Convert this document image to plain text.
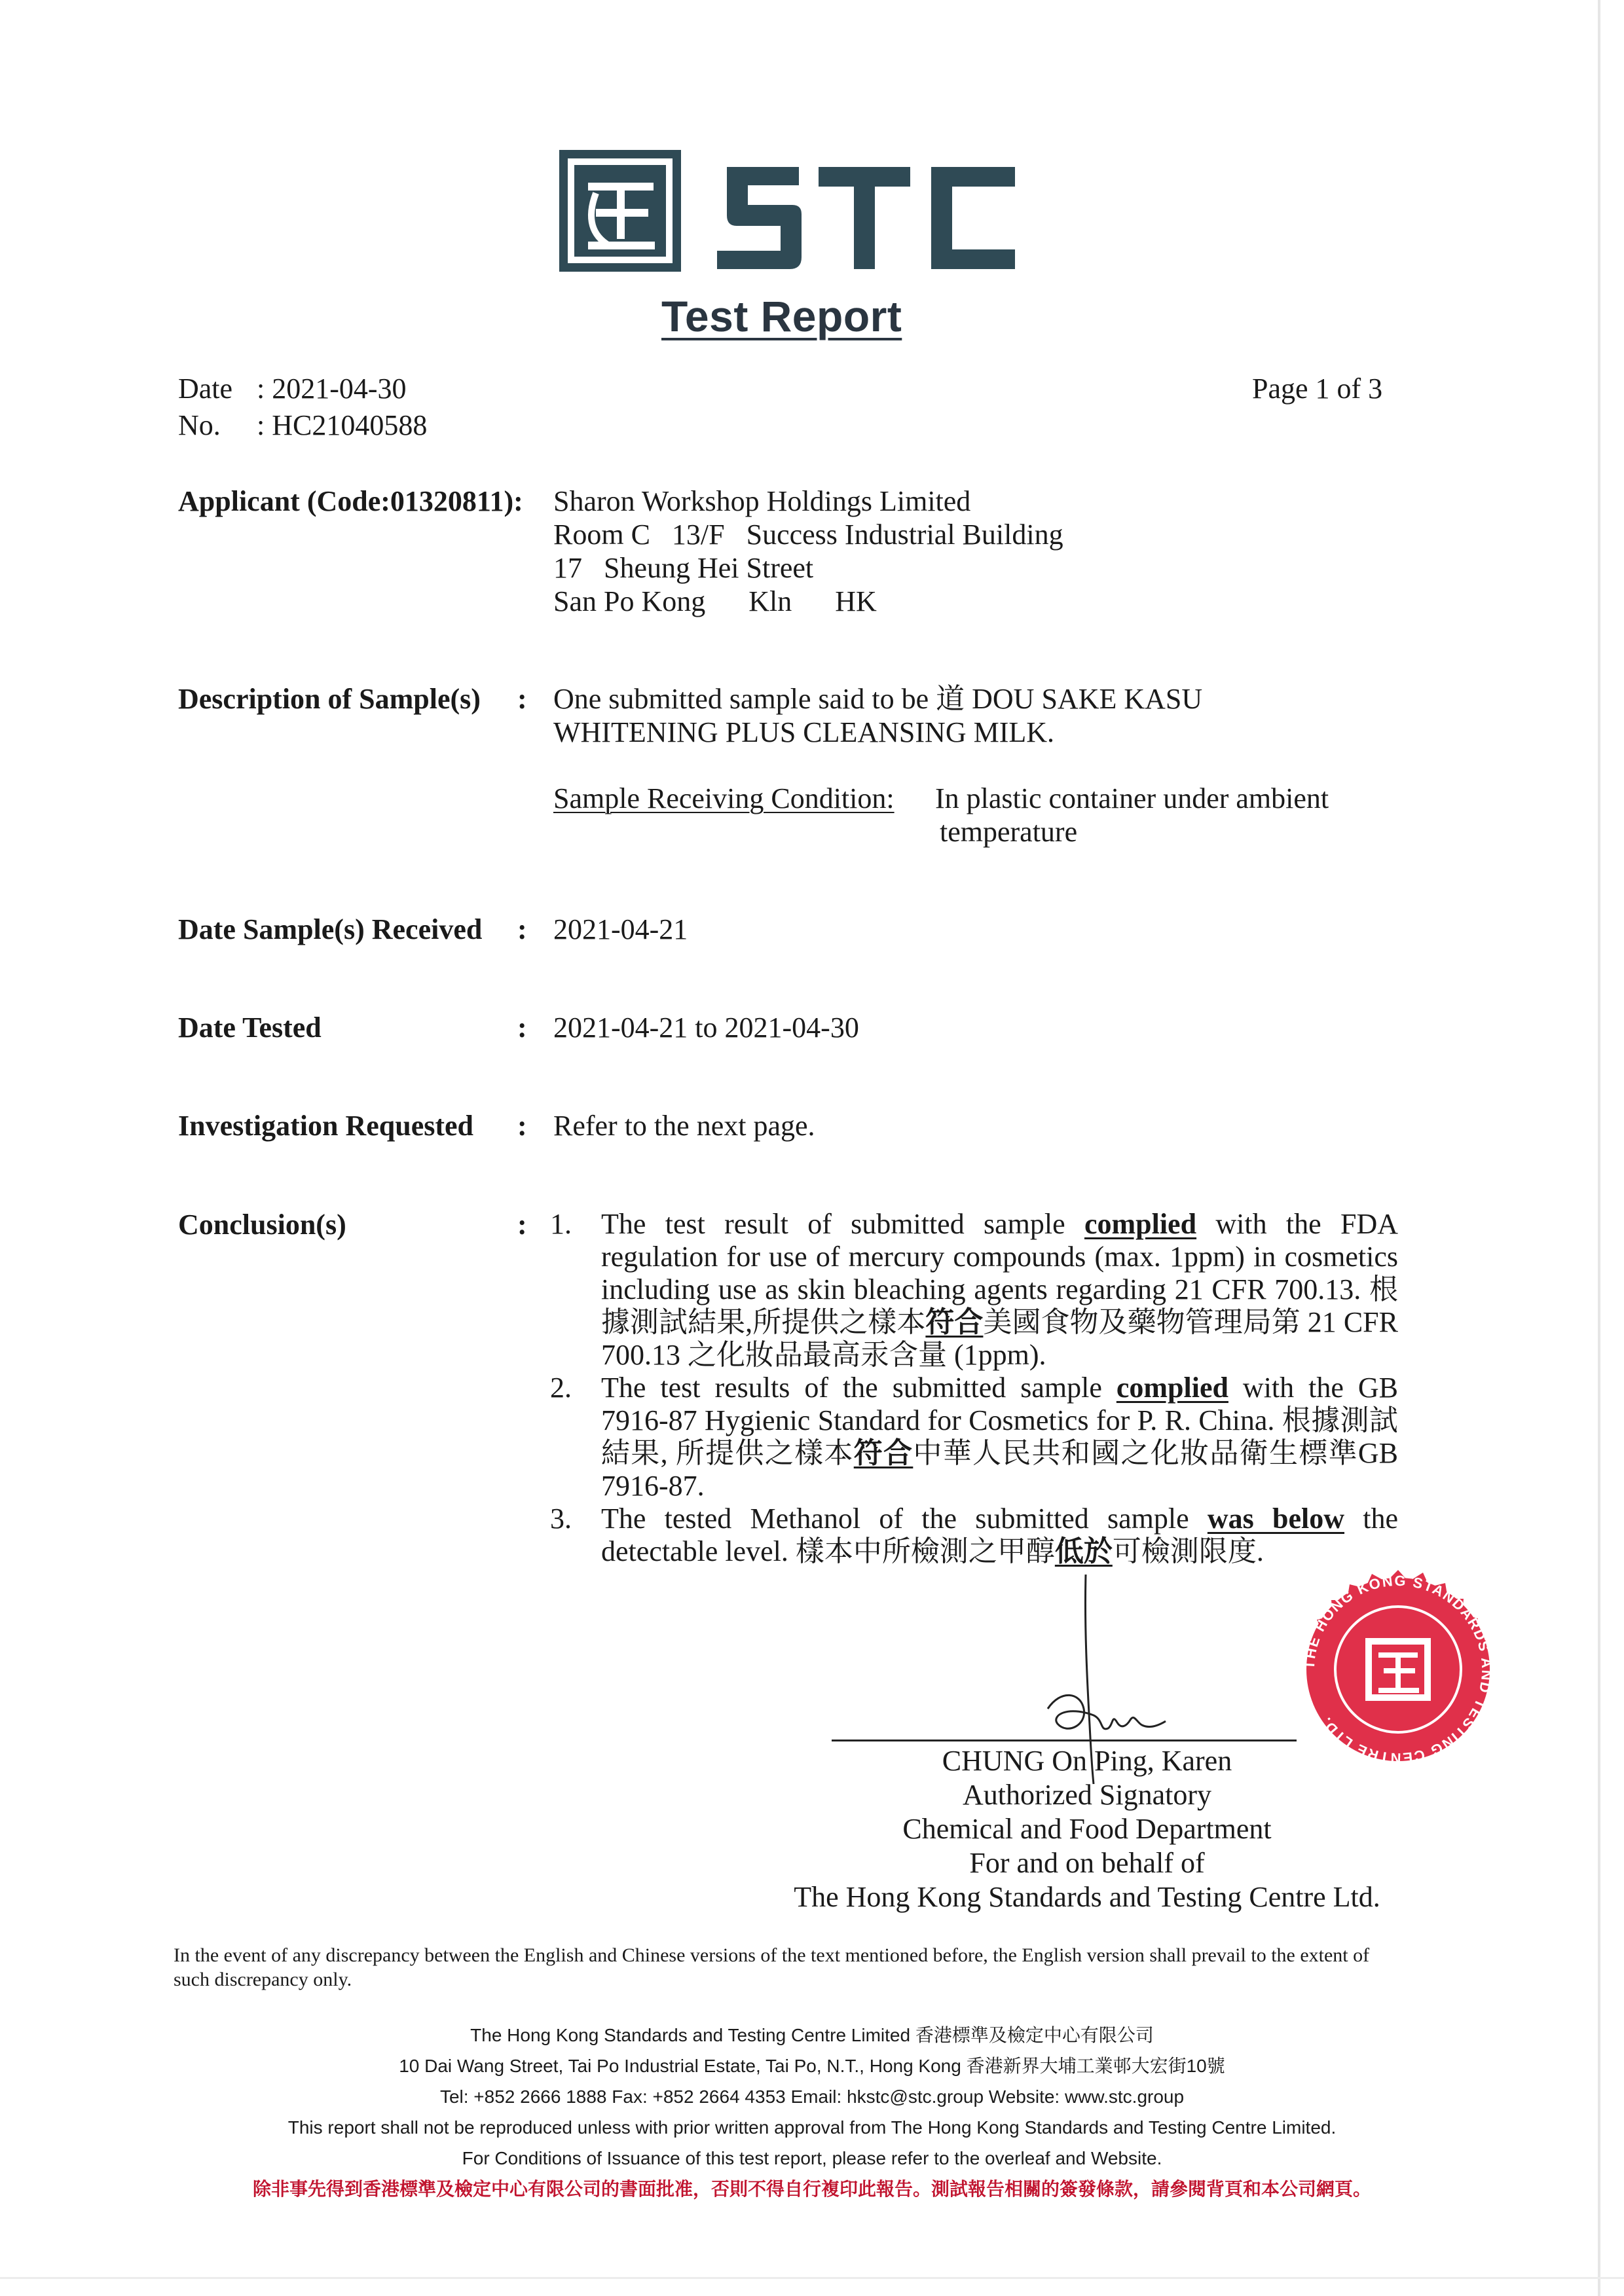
Test Report
Date : 2021-04-30
No. : HC21040588
Page 1 of 3
Applicant (Code:01320811): Sharon Workshop Holdings Limited
Room C   13/F   Success Industrial Building
17   Sheung Hei Street
San Po Kong      Kln      HK
Description of Sample(s) : One submitted sample said to be 道 DOU SAKE KASU
WHITENING PLUS CLEANSING MILK.
Sample Receiving Condition: In plastic container under ambient
temperature
Date Sample(s) Received : 2021-04-21
Date Tested	: 2021-04-21 to 2021-04-30
Investigation Requested : Refer to the next page.
Conclusion(s)	: 1.	The test result of submitted sample complied with the FDA regulation for use of mercury compounds (max. 1ppm) in cosmetics including use as skin bleaching agents regarding 21 CFR 700.13. 根據測試結果,所提供之樣本符合美國食物及藥物管理局第 21 CFR 700.13 之化妝品最高汞含量 (1ppm).
2.	The test results of the submitted sample complied with the GB 7916-87 Hygienic Standard for Cosmetics for P. R. China. 根據測試結果, 所提供之樣本符合中華人民共和國之化妝品衛生標準GB 7916-87.
3.	The tested Methanol of the submitted sample was below the detectable level. 樣本中所檢測之甲醇低於可檢測限度.
CHUNG On Ping, Karen
Authorized Signatory
Chemical and Food Department
For and on behalf of
The Hong Kong Standards and Testing Centre Ltd.
THE HONG KONG STANDARDS AND TESTING CENTRE LTD.
In the event of any discrepancy between the English and Chinese versions of the text mentioned before, the English version shall prevail to the extent of such discrepancy only.
The Hong Kong Standards and Testing Centre Limited 香港標準及檢定中心有限公司
10 Dai Wang Street, Tai Po Industrial Estate, Tai Po, N.T., Hong Kong 香港新界大埔工業邨大宏街10號
Tel: +852 2666 1888 Fax: +852 2664 4353 Email: hkstc@stc.group Website: www.stc.group
This report shall not be reproduced unless with prior written approval from The Hong Kong Standards and Testing Centre Limited.
For Conditions of Issuance of this test report, please refer to the overleaf and Website.
除非事先得到香港標準及檢定中心有限公司的書面批准，否則不得自行複印此報告。測試報告相關的簽發條款，請參閱背頁和本公司網頁。
